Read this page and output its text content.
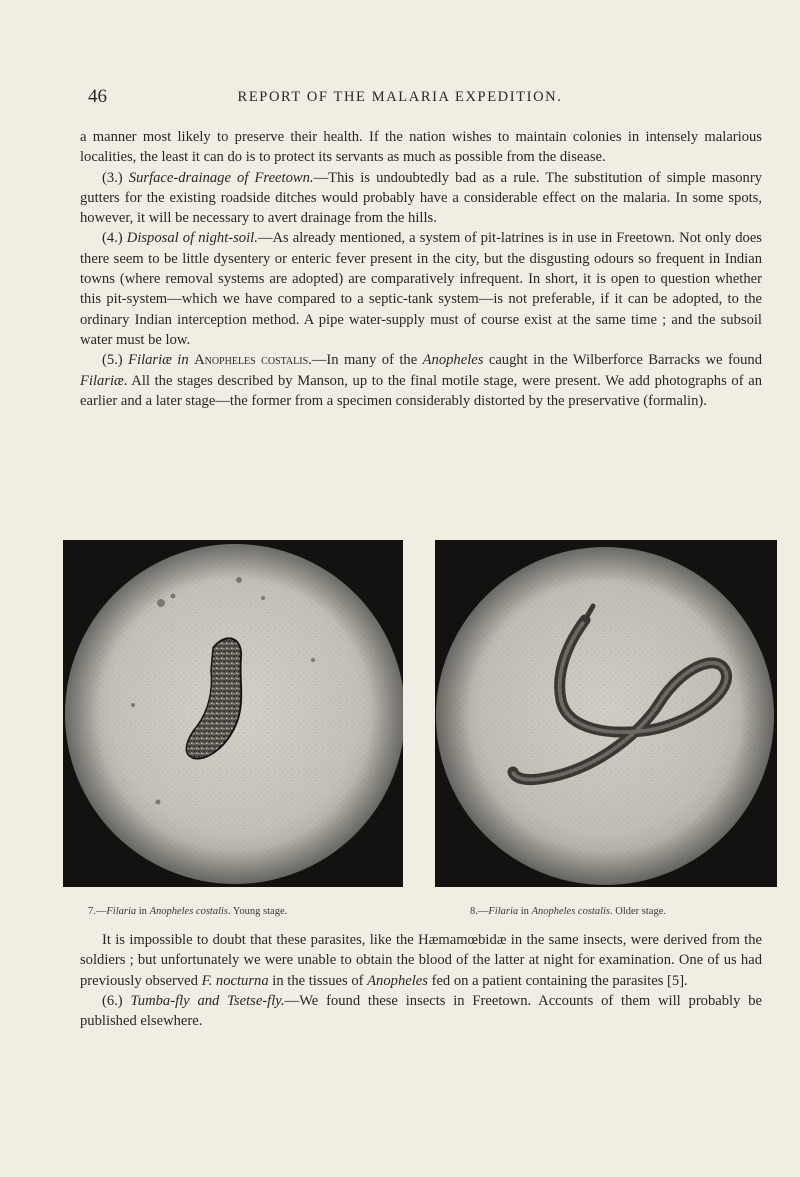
46	REPORT OF THE MALARIA EXPEDITION.

a manner most likely to preserve their health. If the nation wishes to maintain colonies in intensely malarious localities, the least it can do is to protect its servants as much as possible from the disease.

(3.) Surface-drainage of Freetown.—This is undoubtedly bad as a rule. The substitution of simple masonry gutters for the existing roadside ditches would probably have a considerable effect on the malaria. In some spots, however, it will be necessary to avert drainage from the hills.

(4.) Disposal of night-soil.—As already mentioned, a system of pit-latrines is in use in Freetown. Not only does there seem to be little dysentery or enteric fever present in the city, but the disgusting odours so frequent in Indian towns (where removal systems are adopted) are comparatively infrequent. In short, it is open to question whether this pit-system—which we have compared to a septic-tank system—is not preferable, if it can be adopted, to the ordinary Indian interception method. A pipe water-supply must of course exist at the same time ; and the subsoil water must be low.

(5.) Filariæ in Anopheles costalis.—In many of the Anopheles caught in the Wilberforce Barracks we found Filariæ. All the stages described by Manson, up to the final motile stage, were present. We add photographs of an earlier and a later stage—the former from a specimen considerably distorted by the preservative (formalin).

7.—Filaria in Anopheles costalis. Young stage.	8.—Filaria in Anopheles costalis. Older stage.

It is impossible to doubt that these parasites, like the Hæmamœbidæ in the same insects, were derived from the soldiers ; but unfortunately we were unable to obtain the blood of the latter at night for examination. One of us had previously observed F. nocturna in the tissues of Anopheles fed on a patient containing the parasites [5].

(6.) Tumba-fly and Tsetse-fly.—We found these insects in Freetown. Accounts of them will probably be published elsewhere.
